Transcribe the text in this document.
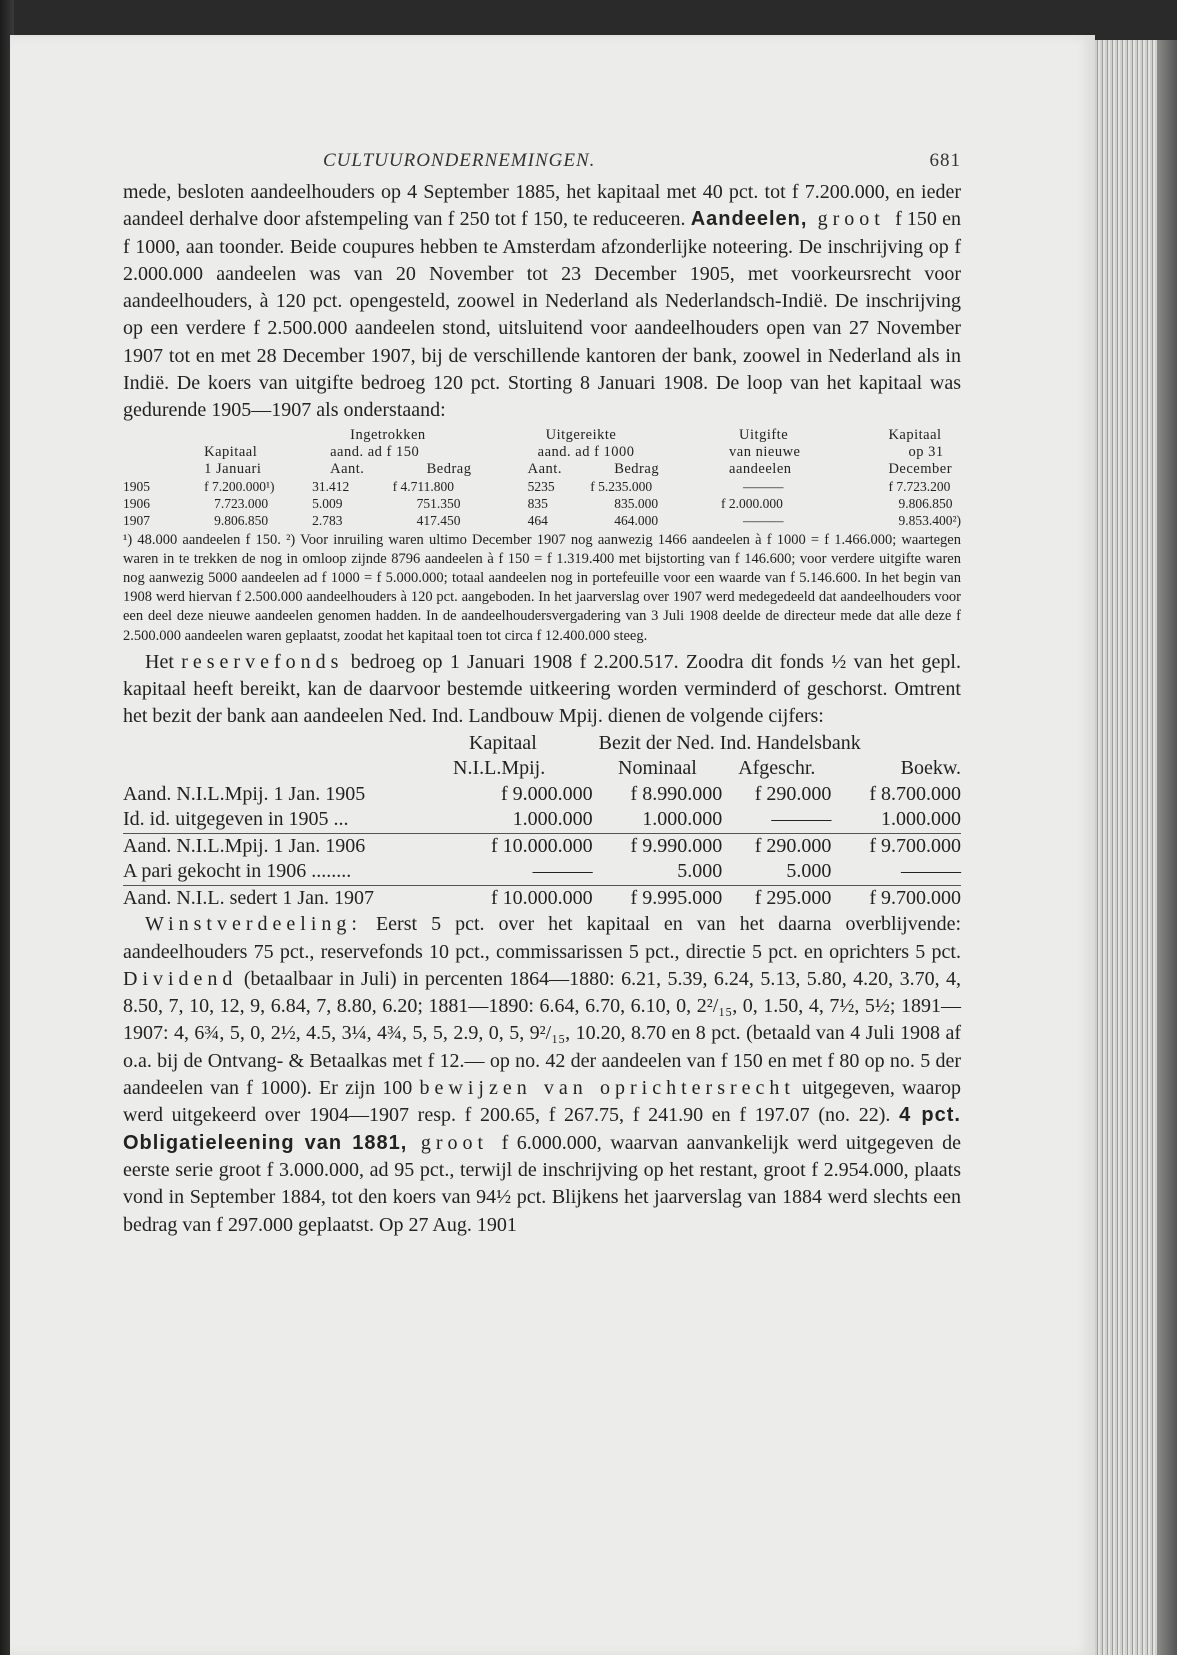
CULTUURONDERNEMINGEN.	681

mede, besloten aandeelhouders op 4 September 1885, het kapitaal met 40 pct. tot f 7.200.000, en ieder aandeel derhalve door afstempeling van f 250 tot f 150, te reduceeren. Aandeelen, groot f 150 en f 1000, aan toonder. Beide coupures hebben te Amsterdam afzonderlijke noteering. De inschrijving op f 2.000.000 aandeelen was van 20 November tot 23 December 1905, met voorkeursrecht voor aandeelhouders, à 120 pct. opengesteld, zoowel in Nederland als Nederlandsch-Indië. De inschrijving op een verdere f 2.500.000 aandeelen stond, uitsluitend voor aandeelhouders open van 27 November 1907 tot en met 28 December 1907, bij de verschillende kantoren der bank, zoowel in Nederland als in Indië. De koers van uitgifte bedroeg 120 pct. Storting 8 Januari 1908. De loop van het kapitaal was gedurende 1905—1907 als onderstaand:

		Ingetrokken		Uitgereikte		Uitgifte	Kapitaal
	Kapitaal	aand. ad f 150		aand. ad f 1000		van nieuwe	op 31
	1 Januari	Aant.	Bedrag	Aant.	Bedrag	aandeelen	December
1905	f 7.200.000¹)	31.412	f 4.711.800	5235	f 5.235.000	———	f 7.723.200
1906	7.723.000	5.009	751.350	835	835.000	f 2.000.000	9.806.850
1907	9.806.850	2.783	417.450	464	464.000	———	9.853.400²)

¹) 48.000 aandeelen f 150. ²) Voor inruiling waren ultimo December 1907 nog aanwezig 1466 aandeelen à f 1000 = f 1.466.000; waartegen waren in te trekken de nog in omloop zijnde 8796 aandeelen à f 150 = f 1.319.400 met bijstorting van f 146.600; voor verdere uitgifte waren nog aanwezig 5000 aandeelen ad f 1000 = f 5.000.000; totaal aandeelen nog in portefeuille voor een waarde van f 5.146.600. In het begin van 1908 werd hiervan f 2.500.000 aandeelhouders à 120 pct. aangeboden. In het jaarverslag over 1907 werd medegedeeld dat aandeelhouders voor een deel deze nieuwe aandeelen genomen hadden. In de aandeelhoudersvergadering van 3 Juli 1908 deelde de directeur mede dat alle deze f 2.500.000 aandeelen waren geplaatst, zoodat het kapitaal toen tot circa f 12.400.000 steeg.

Het reservefonds bedroeg op 1 Januari 1908 f 2.200.517. Zoodra dit fonds ½ van het gepl. kapitaal heeft bereikt, kan de daarvoor bestemde uitkeering worden verminderd of geschorst. Omtrent het bezit der bank aan aandeelen Ned. Ind. Landbouw Mpij. dienen de volgende cijfers:

	Kapitaal	Bezit der Ned. Ind. Handelsbank		
	N.I.L.Mpij.	Nominaal	Afgeschr.	Boekw.
Aand. N.I.L.Mpij. 1 Jan. 1905	f 9.000.000	f 8.990.000	f 290.000	f 8.700.000
Id. id. uitgegeven in 1905 ...	1.000.000	1.000.000	———	1.000.000
Aand. N.I.L.Mpij. 1 Jan. 1906	f 10.000.000	f 9.990.000	f 290.000	f 9.700.000
A pari gekocht in 1906 ........	———	5.000	5.000	———
Aand. N.I.L. sedert 1 Jan. 1907	f 10.000.000	f 9.995.000	f 295.000	f 9.700.000

Winstverdeeling: Eerst 5 pct. over het kapitaal en van het daarna overblijvende: aandeelhouders 75 pct., reservefonds 10 pct., commissarissen 5 pct., directie 5 pct. en oprichters 5 pct. Dividend (betaalbaar in Juli) in percenten 1864—1880: 6.21, 5.39, 6.24, 5.13, 5.80, 4.20, 3.70, 4, 8.50, 7, 10, 12, 9, 6.84, 7, 8.80, 6.20; 1881—1890: 6.64, 6.70, 6.10, 0, 2²/₁₅, 0, 1.50, 4, 7½, 5½; 1891—1907: 4, 6¾, 5, 0, 2½, 4.5, 3¼, 4¾, 5, 5, 2.9, 0, 5, 9²/₁₅, 10.20, 8.70 en 8 pct. (betaald van 4 Juli 1908 af o.a. bij de Ontvang- & Betaalkas met f 12.— op no. 42 der aandeelen van f 150 en met f 80 op no. 5 der aandeelen van f 1000). Er zijn 100 bewijzen van oprichtersrecht uitgegeven, waarop werd uitgekeerd over 1904—1907 resp. f 200.65, f 267.75, f 241.90 en f 197.07 (no. 22). 4 pct. Obligatieleening van 1881, groot f 6.000.000, waarvan aanvankelijk werd uitgegeven de eerste serie groot f 3.000.000, ad 95 pct., terwijl de inschrijving op het restant, groot f 2.954.000, plaats vond in September 1884, tot den koers van 94½ pct. Blijkens het jaarverslag van 1884 werd slechts een bedrag van f 297.000 geplaatst. Op 27 Aug. 1901
